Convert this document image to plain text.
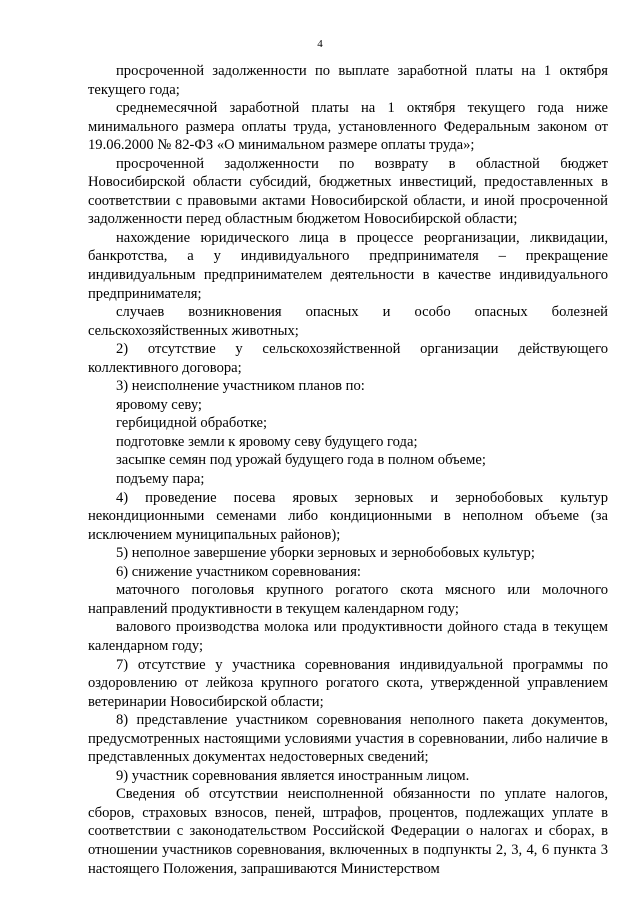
4

просроченной задолженности по выплате заработной платы на 1 октября текущего года;

среднемесячной заработной платы на 1 октября текущего года ниже минимального размера оплаты труда, установленного Федеральным законом от 19.06.2000 № 82-ФЗ «О минимальном размере оплаты труда»;

просроченной задолженности по возврату в областной бюджет Новосибирской области субсидий, бюджетных инвестиций, предоставленных в соответствии с правовыми актами Новосибирской области, и иной просроченной задолженности перед областным бюджетом Новосибирской области;

нахождение юридического лица в процессе реорганизации, ликвидации, банкротства, а у индивидуального предпринимателя – прекращение индивидуальным предпринимателем деятельности в качестве индивидуального предпринимателя;

случаев возникновения опасных и особо опасных болезней сельскохозяйственных животных;

2) отсутствие у сельскохозяйственной организации действующего коллективного договора;

3) неисполнение участником планов по:

яровому севу;

гербицидной обработке;

подготовке земли к яровому севу будущего года;

засыпке семян под урожай будущего года в полном объеме;

подъему пара;

4) проведение посева яровых зерновых и зернобобовых культур некондиционными семенами либо кондиционными в неполном объеме (за исключением муниципальных районов);

5) неполное завершение уборки зерновых и зернобобовых культур;

6) снижение участником соревнования:

маточного поголовья крупного рогатого скота мясного или молочного направлений продуктивности в текущем календарном году;

валового производства молока или продуктивности дойного стада в текущем календарном году;

7) отсутствие у участника соревнования индивидуальной программы по оздоровлению от лейкоза крупного рогатого скота, утвержденной управлением ветеринарии Новосибирской области;

8) представление участником соревнования неполного пакета документов, предусмотренных настоящими условиями участия в соревновании, либо наличие в представленных документах недостоверных сведений;

9) участник соревнования является иностранным лицом.

Сведения об отсутствии неисполненной обязанности по уплате налогов, сборов, страховых взносов, пеней, штрафов, процентов, подлежащих уплате в соответствии с законодательством Российской Федерации о налогах и сборах, в отношении участников соревнования, включенных в подпункты 2, 3, 4, 6 пункта 3 настоящего Положения, запрашиваются Министерством
